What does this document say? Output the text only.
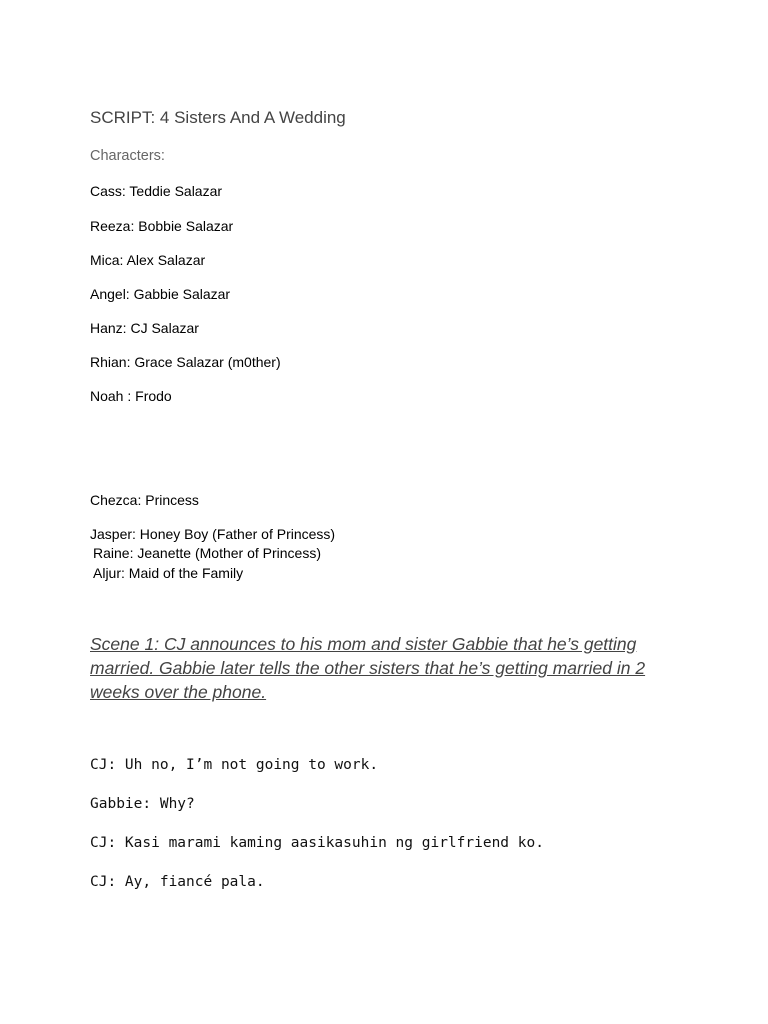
SCRIPT: 4 Sisters And A Wedding
Characters:
Cass: Teddie Salazar
Reeza: Bobbie Salazar
Mica: Alex Salazar
Angel: Gabbie Salazar
Hanz: CJ Salazar
Rhian: Grace Salazar (m0ther)
Noah : Frodo
Chezca: Princess
Jasper: Honey Boy (Father of Princess)
Raine: Jeanette (Mother of Princess)
Aljur: Maid of the Family
Scene 1: CJ announces to his mom and sister Gabbie that he’s getting married. Gabbie later tells the other sisters that he’s getting married in 2 weeks over the phone.
CJ: Uh no, I’m not going to work.
Gabbie: Why?
CJ: Kasi marami kaming aasikasuhin ng girlfriend ko.
CJ: Ay, fiancé pala.
